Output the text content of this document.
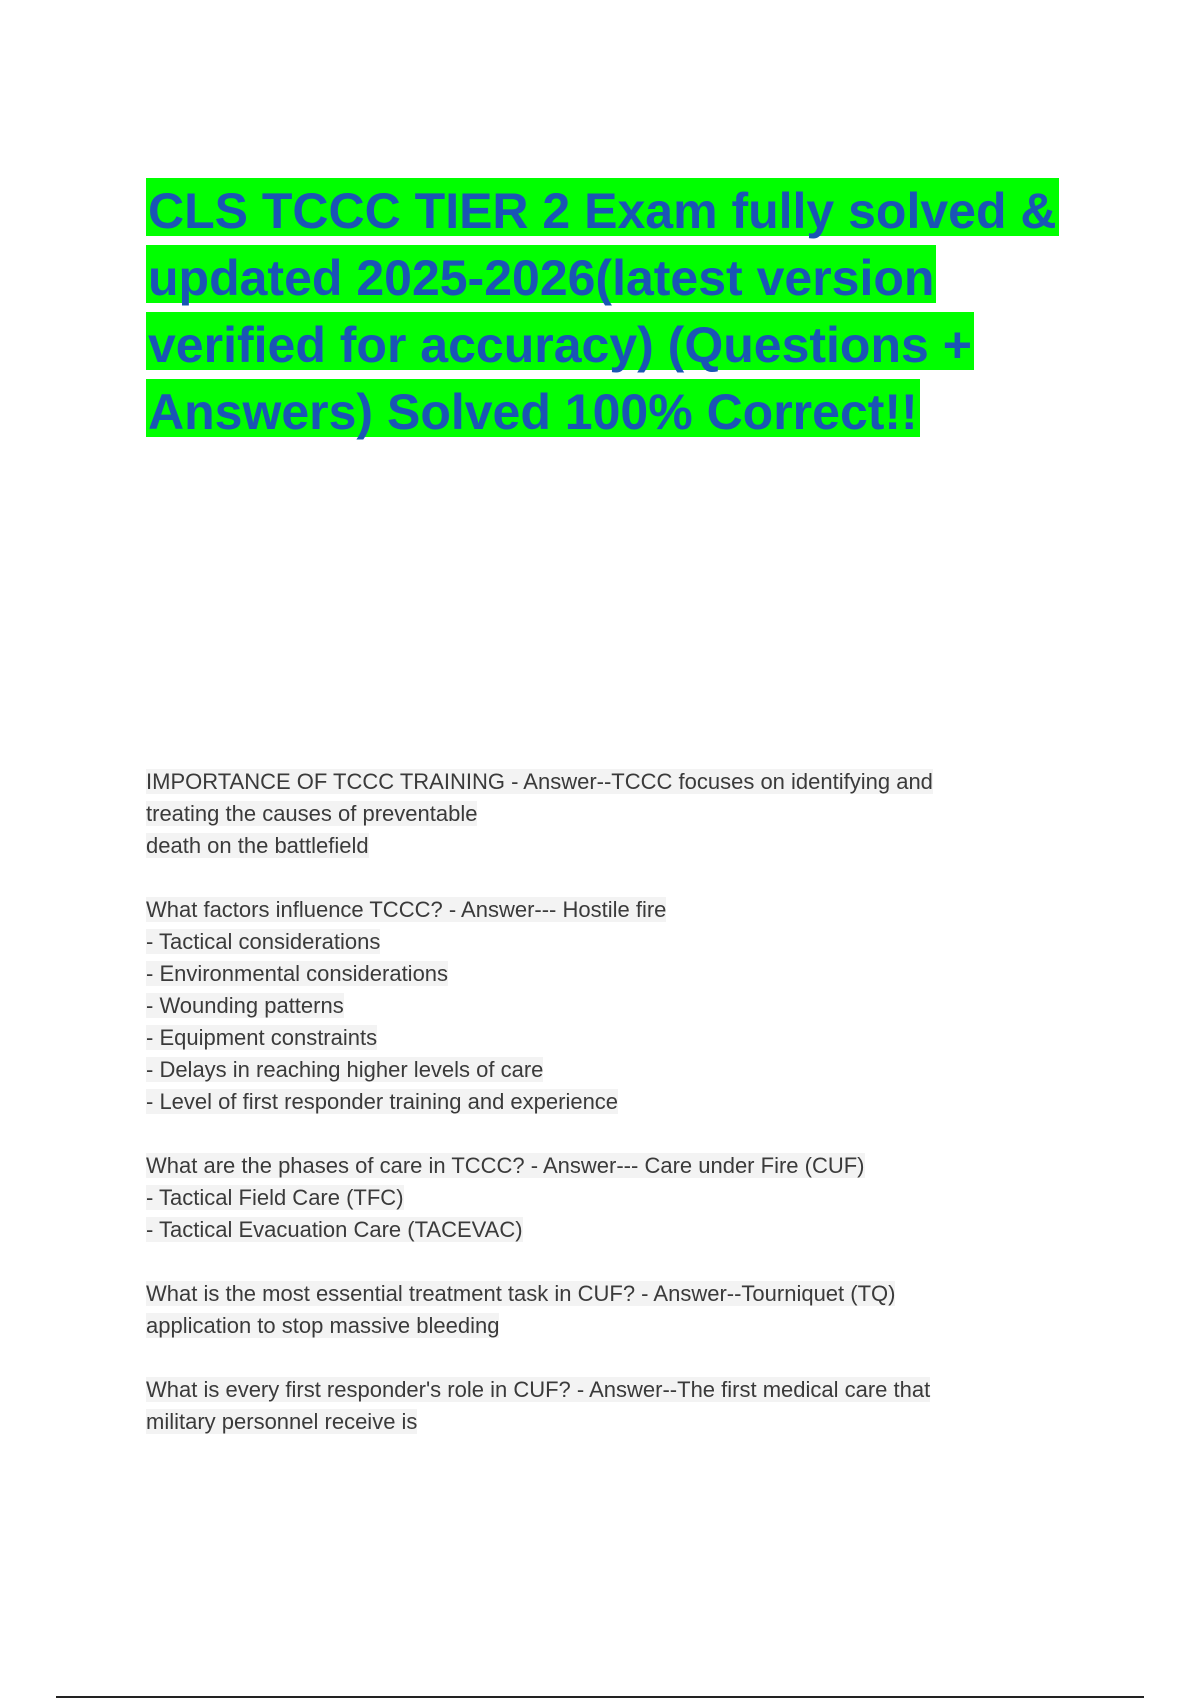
CLS TCCC TIER 2 Exam fully solved &
updated 2025-2026(latest version
verified for accuracy) (Questions +
Answers) Solved 100% Correct!!
IMPORTANCE OF TCCC TRAINING - Answer--TCCC focuses on identifying and
treating the causes of preventable
death on the battlefield
What factors influence TCCC? - Answer--- Hostile fire
- Tactical considerations
- Environmental considerations
- Wounding patterns
- Equipment constraints
- Delays in reaching higher levels of care
- Level of first responder training and experience
What are the phases of care in TCCC? - Answer--- Care under Fire (CUF)
- Tactical Field Care (TFC)
- Tactical Evacuation Care (TACEVAC)
What is the most essential treatment task in CUF? - Answer--Tourniquet (TQ)
application to stop massive bleeding
What is every first responder's role in CUF? - Answer--The first medical care that
military personnel receive is
